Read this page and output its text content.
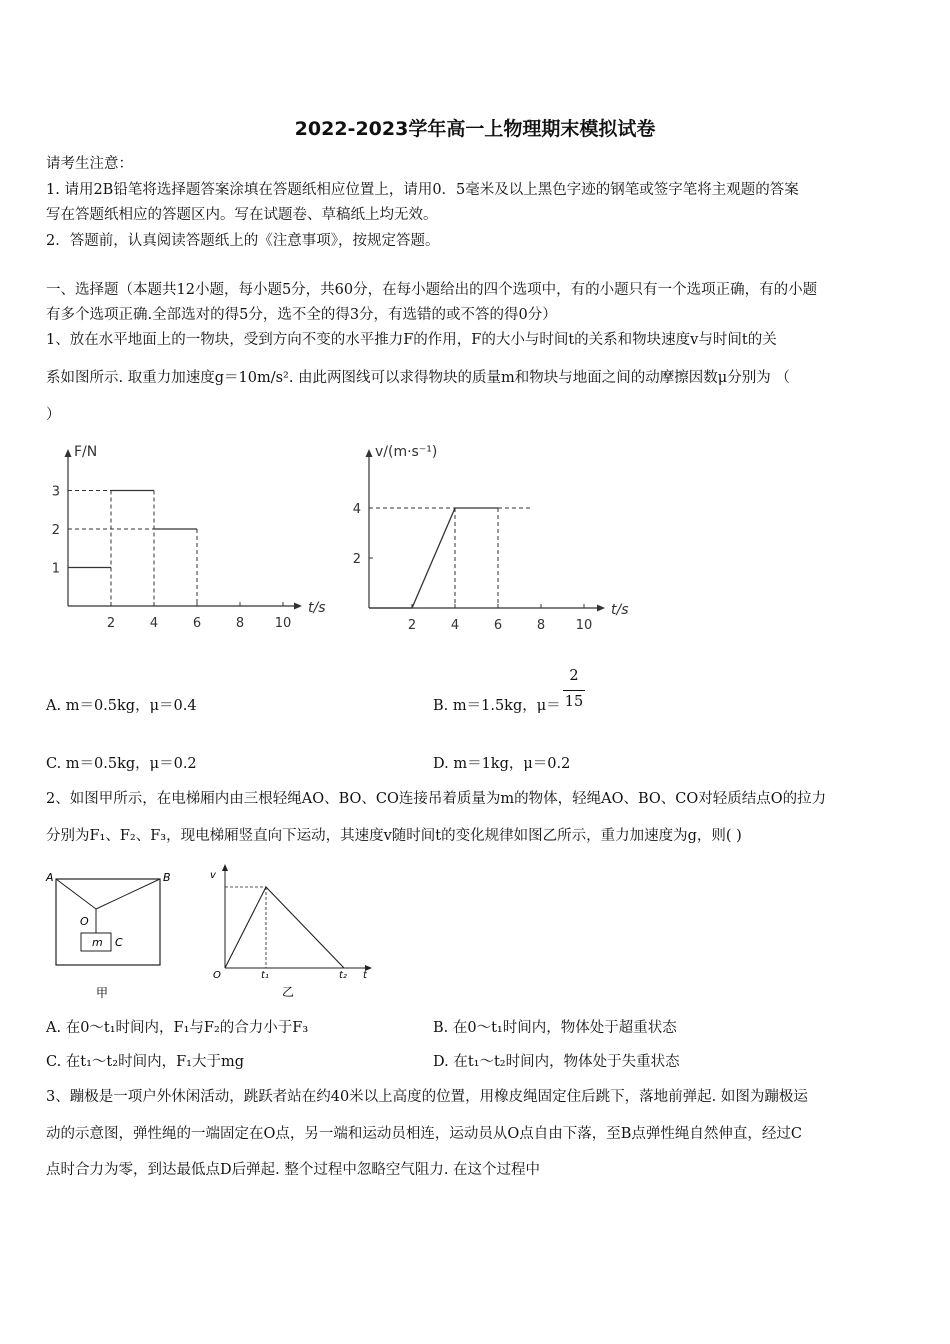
2022-2023学年高一上物理期末模拟试卷
请考生注意：
1. 请用2B铅笔将选择题答案涂填在答题纸相应位置上，请用0．5毫米及以上黑色字迹的钢笔或签字笔将主观题的答案
写在答题纸相应的答题区内。写在试题卷、草稿纸上均无效。
2．答题前，认真阅读答题纸上的《注意事项》，按规定答题。
一、选择题（本题共12小题，每小题5分，共60分，在每小题给出的四个选项中，有的小题只有一个选项正确，有的小题
有多个选项正确.全部选对的得5分，选不全的得3分，有选错的或不答的得0分）
1、放在水平地面上的一物块，受到方向不变的水平推力F的作用，F的大小与时间t的关系和物块速度v与时间t的关
系如图所示. 取重力加速度g＝10m/s². 由此两图线可以求得物块的质量m和物块与地面之间的动摩擦因数μ分别为 （
）
F/N
t/s
2	4	6	8 10
1
2
3
v/(m·s⁻¹)
t/s
2	4	6	8 10
2
4
A. m＝0.5kg，μ＝0.4	B. m＝1.5kg，μ＝
2
15
C. m＝0.5kg，μ＝0.2	D. m＝1kg，μ＝0.2
2、如图甲所示，在电梯厢内由三根轻绳AO、BO、CO连接吊着质量为m的物体，轻绳AO、BO、CO对轻质结点O的拉力
分别为F₁、F₂、F₃，现电梯厢竖直向下运动，其速度v随时间t的变化规律如图乙所示，重力加速度为g，则( )
A	B
O
m C
甲
v
O	t₁	t₂ t
乙
A. 在0～t₁时间内，F₁与F₂的合力小于F₃	B. 在0～t₁时间内，物体处于超重状态
C. 在t₁～t₂时间内，F₁大于mg	D. 在t₁～t₂时间内，物体处于失重状态
3、蹦极是一项户外休闲活动，跳跃者站在约40米以上高度的位置，用橡皮绳固定住后跳下，落地前弹起. 如图为蹦极运
动的示意图，弹性绳的一端固定在O点，另一端和运动员相连，运动员从O点自由下落，至B点弹性绳自然伸直，经过C
点时合力为零，到达最低点D后弹起. 整个过程中忽略空气阻力. 在这个过程中
